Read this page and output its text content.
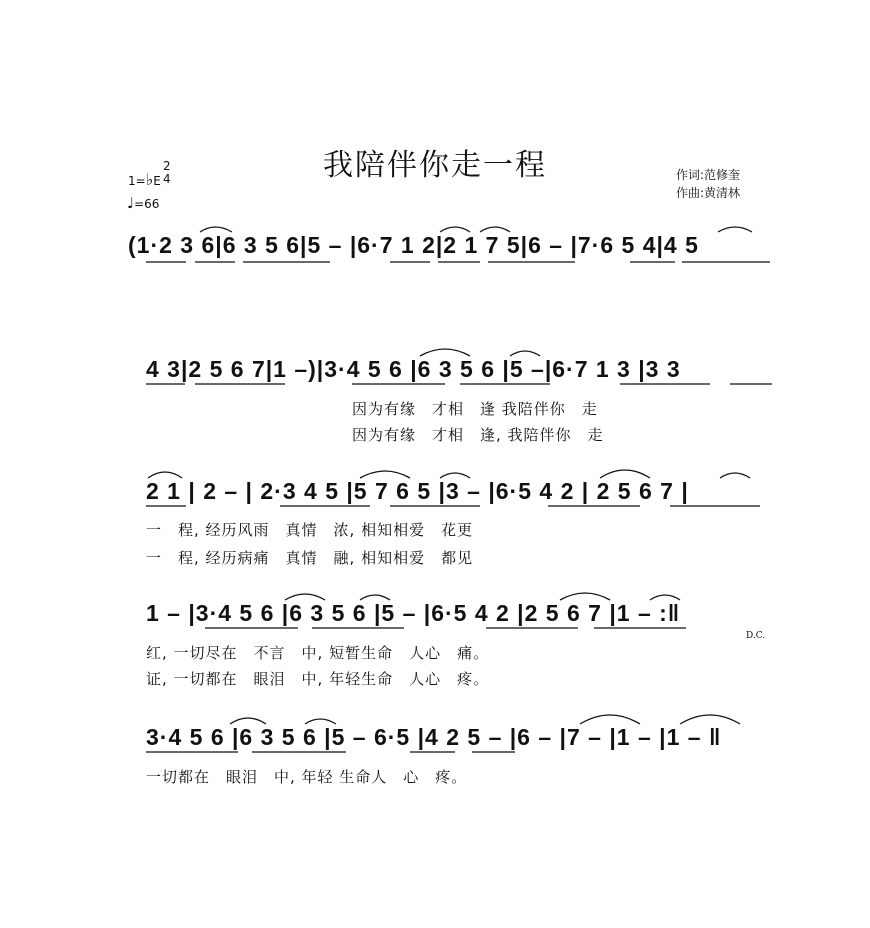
我陪伴你走一程
1=♭E
2
4
♩=66
作词:范修奎
作曲:黄清林
(1·2 3 6|6 3 5 6|5 – |6·7 1 2|2 1 7 5|6 – |7·6 5 4|4 5
4 3|2 5 6 7|1 –)|3·4 5 6 |6 3 5 6 |5 –|6·7 1 3 |3 3
因为有缘　才相　逢 我陪伴你　走
因为有缘　才相　逢, 我陪伴你　走
2 1 | 2 – | 2·3 4 5 |5 7 6 5 |3 – |6·5 4 2 | 2 5 6 7 |
一　程, 经历风雨　真情　浓, 相知相爱　花更
一　程, 经历病痛　真情　融, 相知相爱　都见
1 – |3·4 5 6 |6 3 5 6 |5 – |6·5 4 2 |2 5 6 7 |1 – :‖
D.C.
红, 一切尽在　不言　中, 短暂生命　人心　痛。
证, 一切都在　眼泪　中, 年轻生命　人心　疼。
3·4 5 6 |6 3 5 6 |5 – 6·5 |4 2 5 – |6 – |7 – |1 – |1 – ‖
一切都在　眼泪　中, 年轻 生命人　心　疼。
